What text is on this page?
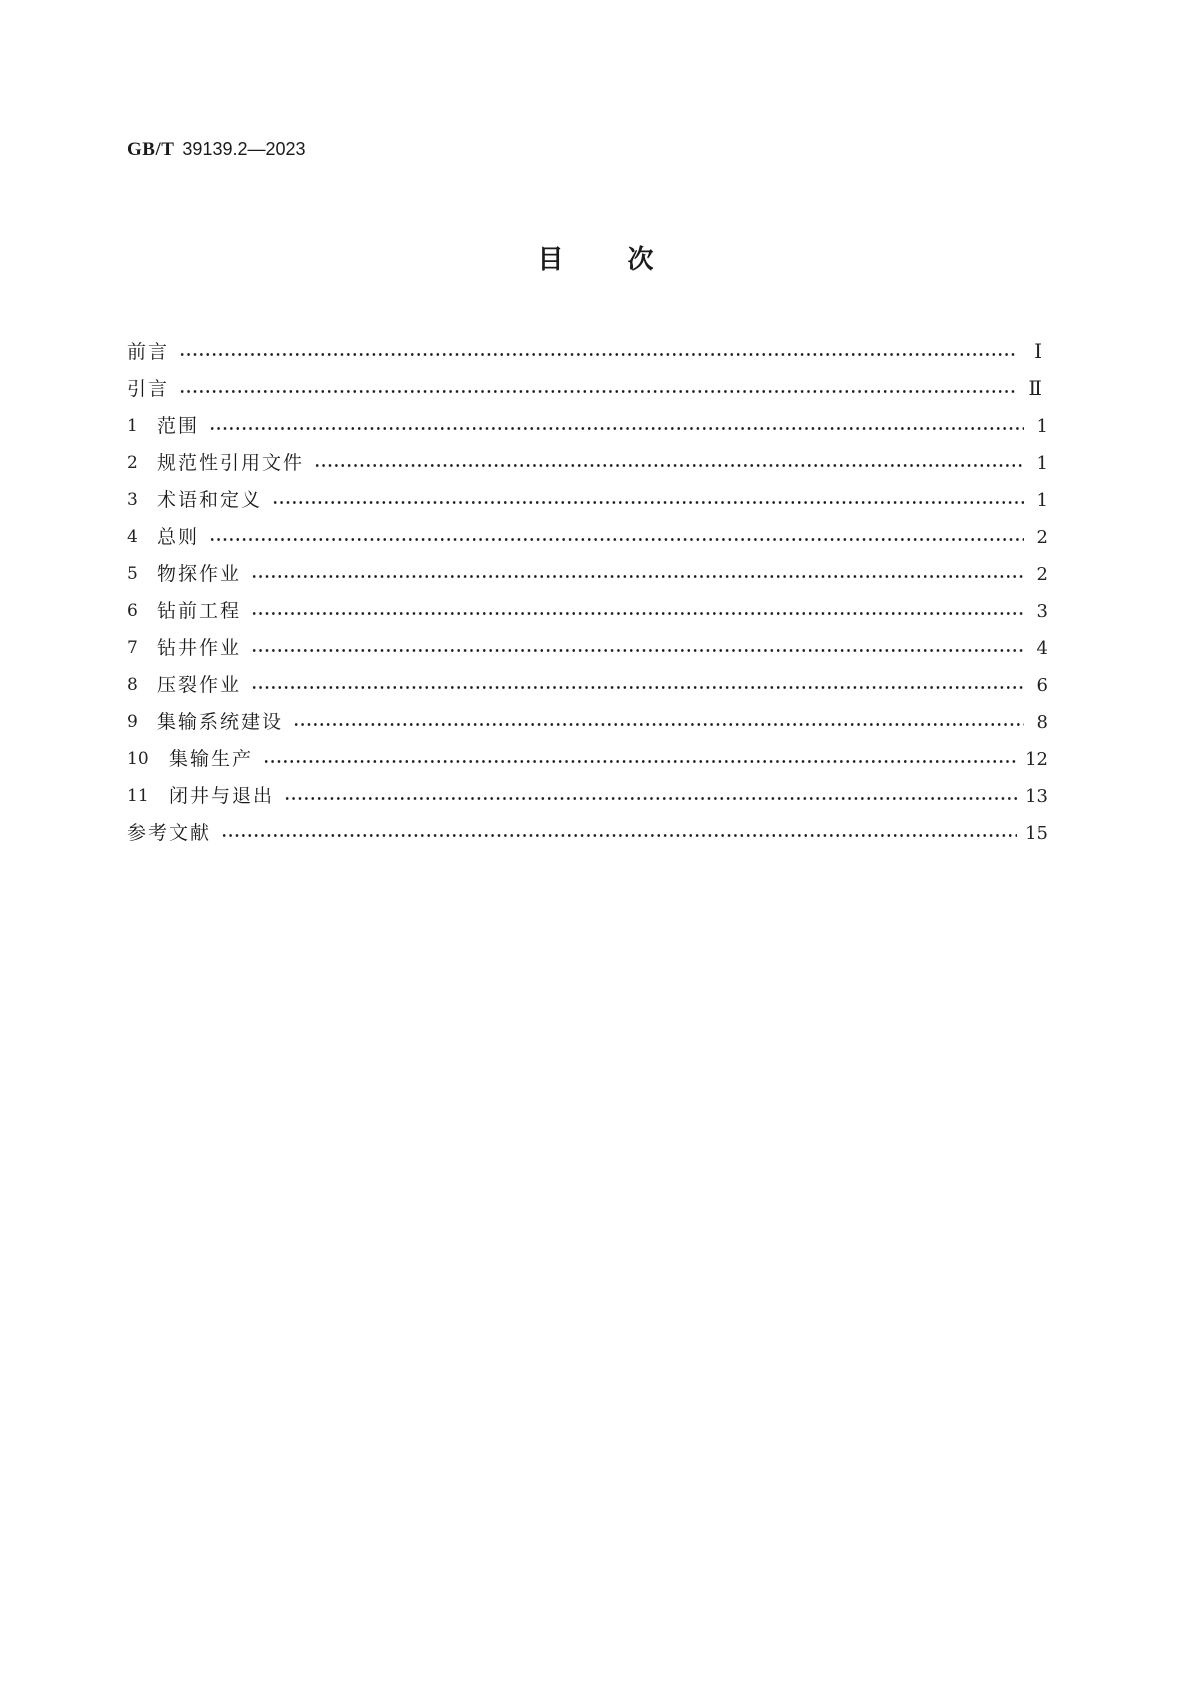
GB/T 39139.2—2023
目 次
前言	Ⅰ
引言	Ⅱ
1	范围	1
2	规范性引用文件	1
3	术语和定义	1
4	总则	2
5	物探作业	2
6	钻前工程	3
7	钻井作业	4
8	压裂作业	6
9	集输系统建设	8
10	集输生产	12
11	闭井与退出	13
参考文献	15
